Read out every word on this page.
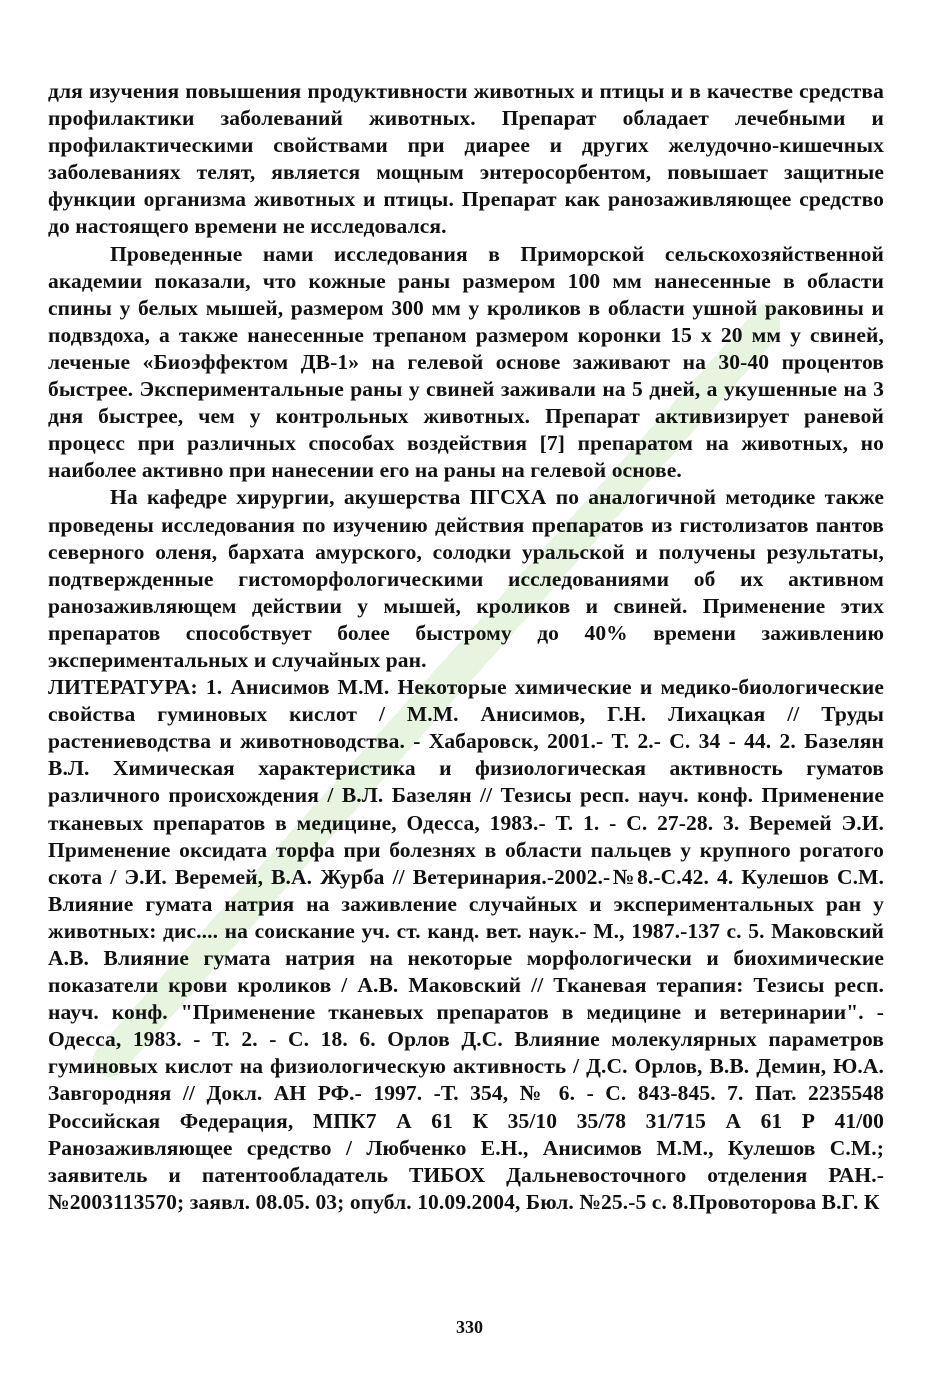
для изучения повышения продуктивности животных и птицы и в качестве средства профилактики заболеваний животных. Препарат обладает лечебными и профилактическими свойствами при диарее и других желудочно-кишечных заболеваниях телят, является мощным энтеросорбентом, повышает защитные функции организма животных и птицы. Препарат как ранозаживляющее средство до настоящего времени не исследовался.

Проведенные нами исследования в Приморской сельскохозяйственной академии показали, что кожные раны размером 100 мм нанесенные в области спины у белых мышей, размером 300 мм у кроликов в области ушной раковины и подвздоха, а также нанесенные трепаном размером коронки 15 х 20 мм у свиней, леченые «Биоэффектом ДВ-1» на гелевой основе заживают на 30-40 процентов быстрее. Экспериментальные раны у свиней заживали на 5 дней, а укушенные на 3 дня быстрее, чем у контрольных животных. Препарат активизирует раневой процесс при различных способах воздействия [7] препаратом на животных, но наиболее активно при нанесении его на раны на гелевой основе.

На кафедре хирургии, акушерства ПГСХА по аналогичной методике также проведены исследования по изучению действия препаратов из гистолизатов пантов северного оленя, бархата амурского, солодки уральской и получены результаты, подтвержденные гистоморфологическими исследованиями об их активном ранозаживляющем действии у мышей, кроликов и свиней. Применение этих препаратов способствует более быстрому до 40% времени заживлению экспериментальных и случайных ран.

ЛИТЕРАТУРА: 1. Анисимов М.М. Некоторые химические и медико-биологические свойства гуминовых кислот / М.М. Анисимов, Г.Н. Лихацкая // Труды растениеводства и животноводства. - Хабаровск, 2001.- Т. 2.- С. 34 - 44. 2. Базелян В.Л. Химическая характеристика и физиологическая активность гуматов различного происхождения / В.Л. Базелян // Тезисы респ. науч. конф. Применение тканевых препаратов в медицине, Одесса, 1983.- Т. 1. - С. 27-28. 3. Веремей Э.И. Применение оксидата торфа при болезнях в области пальцев у крупного рогатого скота / Э.И. Веремей, В.А. Журба // Ветеринария.-2002.-№8.-С.42. 4. Кулешов С.М. Влияние гумата натрия на заживление случайных и экспериментальных ран у животных: дис.... на соискание уч. ст. канд. вет. наук.- М., 1987.-137 с. 5. Маковский А.В. Влияние гумата натрия на некоторые морфологически и биохимические показатели крови кроликов / А.В. Маковский // Тканевая терапия: Тезисы респ. науч. конф. "Применение тканевых препаратов в медицине и ветеринарии". - Одесса, 1983. - Т. 2. - С. 18. 6. Орлов Д.С. Влияние молекулярных параметров гуминовых кислот на физиологическую активность / Д.С. Орлов, В.В. Демин, Ю.А. Завгородняя // Докл. АН РФ.- 1997. -Т. 354, № 6. - С. 843-845. 7. Пат. 2235548 Российская Федерация, МПК7 А 61 К 35/10 35/78 31/715 А 61 Р 41/00 Ранозаживляющее средство / Любченко Е.Н., Анисимов М.М., Кулешов С.М.; заявитель и патентообладатель ТИБОХ Дальневосточного отделения РАН.- №2003113570; заявл. 08.05. 03; опубл. 10.09.2004, Бюл. №25.-5 с. 8.Провоторова В.Г. К

330
